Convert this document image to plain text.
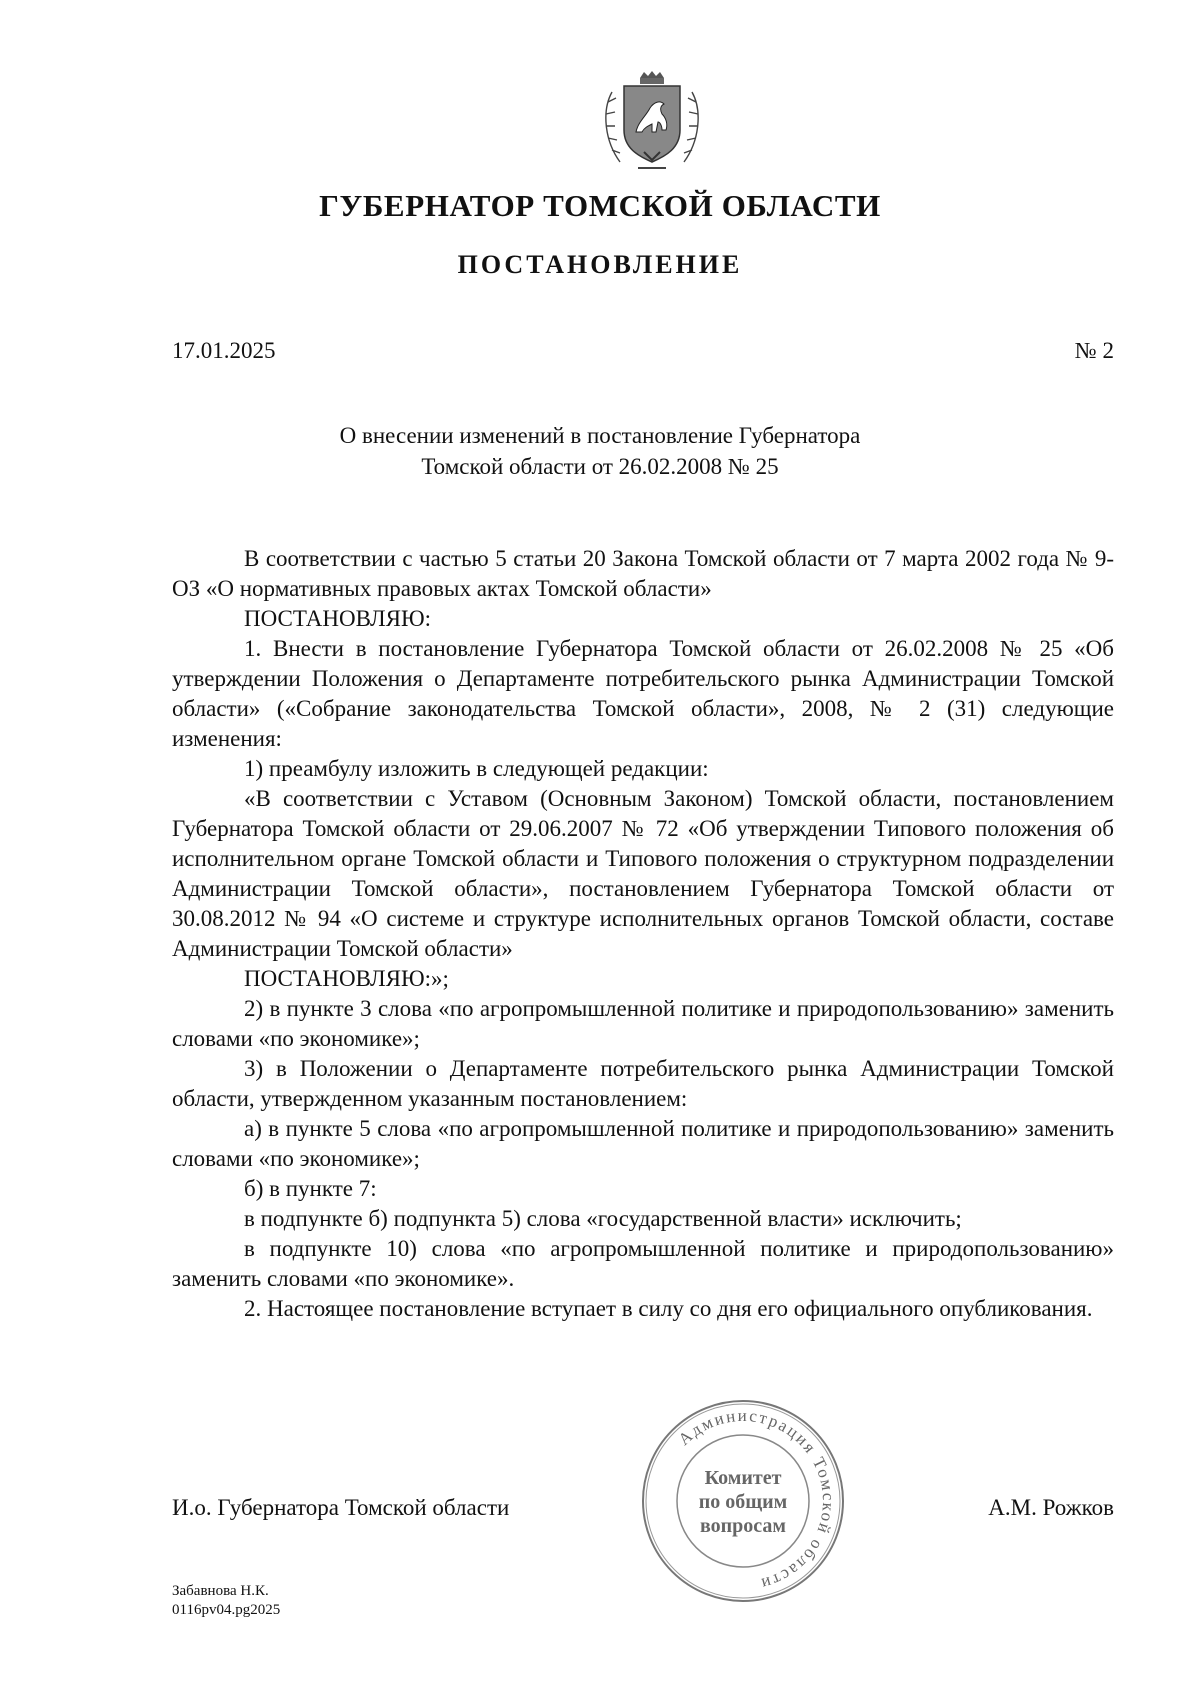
ГУБЕРНАТОР ТОМСКОЙ ОБЛАСТИ
ПОСТАНОВЛЕНИЕ
17.01.2025	№ 2
О внесении изменений в постановление Губернатора
Томской области от 26.02.2008 № 25
В соответствии с частью 5 статьи 20 Закона Томской области от 7 марта 2002 года № 9-ОЗ «О нормативных правовых актах Томской области»
ПОСТАНОВЛЯЮ:
1. Внести в постановление Губернатора Томской области от 26.02.2008 № 25 «Об утверждении Положения о Департаменте потребительского рынка Администрации Томской области» («Собрание законодательства Томской области», 2008, № 2 (31) следующие изменения:
1) преамбулу изложить в следующей редакции:
«В соответствии с Уставом (Основным Законом) Томской области, постановлением Губернатора Томской области от 29.06.2007 № 72 «Об утверждении Типового положения об исполнительном органе Томской области и Типового положения о структурном подразделении Администрации Томской области», постановлением Губернатора Томской области от 30.08.2012 № 94 «О системе и структуре исполнительных органов Томской области, составе Администрации Томской области»
ПОСТАНОВЛЯЮ:»;
2) в пункте 3 слова «по агропромышленной политике и природопользованию» заменить словами «по экономике»;
3) в Положении о Департаменте потребительского рынка Администрации Томской области, утвержденном указанным постановлением:
а) в пункте 5 слова «по агропромышленной политике и природопользованию» заменить словами «по экономике»;
б) в пункте 7:
в подпункте б) подпункта 5) слова «государственной власти» исключить;
в подпункте 10) слова «по агропромышленной политике и природопользованию» заменить словами «по экономике».
2. Настоящее постановление вступает в силу со дня его официального опубликования.
Администрация Томской области
Комитет
по общим
вопросам
И.о. Губернатора Томской области	А.М. Рожков
Забавнова Н.К.
0116pv04.pg2025
